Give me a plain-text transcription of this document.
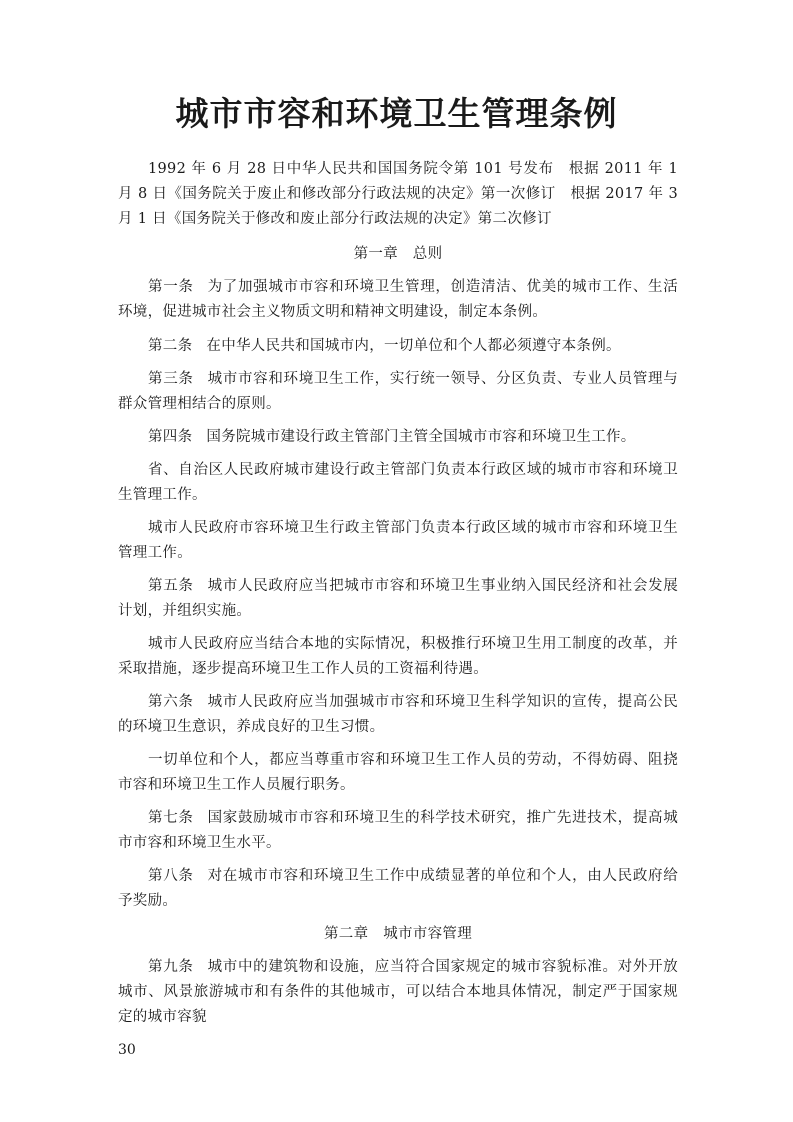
城市市容和环境卫生管理条例

1992 年 6 月 28 日中华人民共和国国务院令第 101 号发布　根据 2011 年 1 月 8 日《国务院关于废止和修改部分行政法规的决定》第一次修订　根据 2017 年 3 月 1 日《国务院关于修改和废止部分行政法规的决定》第二次修订

第一章　总则

第一条 为了加强城市市容和环境卫生管理，创造清洁、优美的城市工作、生活环境，促进城市社会主义物质文明和精神文明建设，制定本条例。

第二条 在中华人民共和国城市内，一切单位和个人都必须遵守本条例。

第三条 城市市容和环境卫生工作，实行统一领导、分区负责、专业人员管理与群众管理相结合的原则。

第四条 国务院城市建设行政主管部门主管全国城市市容和环境卫生工作。

省、自治区人民政府城市建设行政主管部门负责本行政区域的城市市容和环境卫生管理工作。

城市人民政府市容环境卫生行政主管部门负责本行政区域的城市市容和环境卫生管理工作。

第五条 城市人民政府应当把城市市容和环境卫生事业纳入国民经济和社会发展计划，并组织实施。

城市人民政府应当结合本地的实际情况，积极推行环境卫生用工制度的改革，并采取措施，逐步提高环境卫生工作人员的工资福利待遇。

第六条 城市人民政府应当加强城市市容和环境卫生科学知识的宣传，提高公民的环境卫生意识，养成良好的卫生习惯。

一切单位和个人，都应当尊重市容和环境卫生工作人员的劳动，不得妨碍、阻挠市容和环境卫生工作人员履行职务。

第七条 国家鼓励城市市容和环境卫生的科学技术研究，推广先进技术，提高城市市容和环境卫生水平。

第八条 对在城市市容和环境卫生工作中成绩显著的单位和个人，由人民政府给予奖励。

第二章　城市市容管理

第九条 城市中的建筑物和设施，应当符合国家规定的城市容貌标准。对外开放城市、风景旅游城市和有条件的其他城市，可以结合本地具体情况，制定严于国家规定的城市容貌

30
